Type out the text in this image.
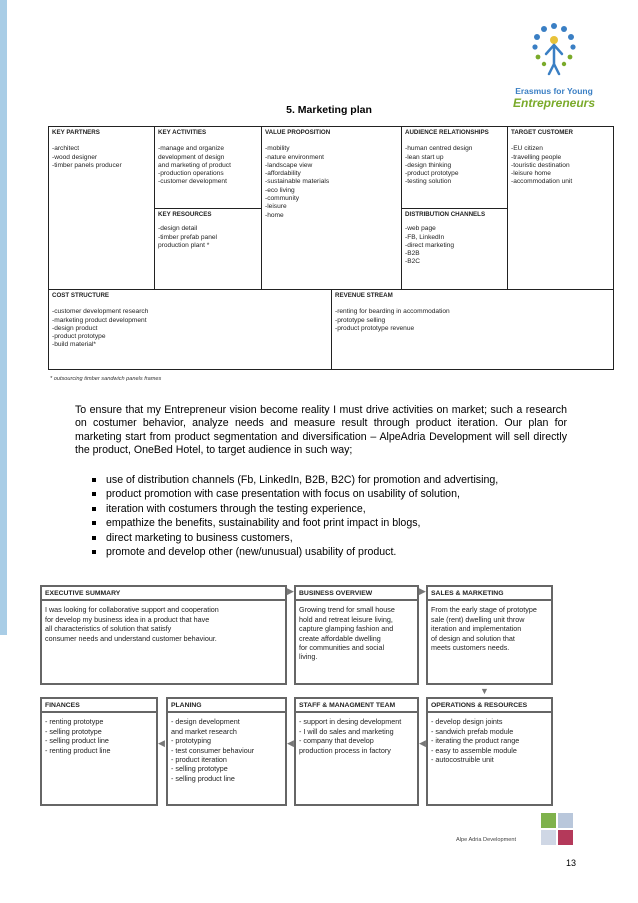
Erasmus for Young
Entrepreneurs
5. Marketing plan
KEY PARTNERS
-architect
-wood designer
-timber panels producer
KEY ACTIVITIES
-manage and organize
development of design
and marketing of product
-production operations
-customer development
KEY RESOURCES
-design detail
-timber prefab panel
production plant *
VALUE PROPOSITION
-mobility
-nature environment
-landscape view
-affordability
-sustainable materials
-eco living
-community
-leisure
-home
AUDIENCE RELATIONSHIPS
-human centred design
-lean start up
-design thinking
-product prototype
-testing solution
DISTRIBUTION CHANNELS
-web page
-FB, LinkedIn
-direct marketing
-B2B
-B2C
TARGET CUSTOMER
-EU citizen
-travelling people
-touristic destination
-leisure home
-accommodation unit
COST STRUCTURE
-customer development research
-marketing product development
-design product
-product prototype
-build material*
REVENUE STREAM
-renting for bearding in accommodation
-prototype selling
-product prototype revenue
* outsourcing timber sandwich panels frames

To ensure that my Entrepreneur vision become reality I must drive activities on market; such a research on costumer behavior, analyze needs and measure result through product iteration. Our plan for marketing start from product segmentation and diversification – AlpeAdria Development will sell directly the product, OneBed Hotel, to target audience in such way;

use of distribution channels (Fb, LinkedIn, B2B, B2C) for promotion and advertising,
product promotion with case presentation with focus on usability of solution,
iteration with costumers through the testing experience,
empathize the benefits, sustainability and foot print impact in blogs,
direct marketing to business customers,
promote and develop other (new/unusual) usability of product.
EXECUTIVE SUMMARY
I was looking for collaborative support and cooperation
for develop my business idea in a product that have
all characteristics of solution that satisfy
consumer needs and understand customer behaviour.
▶ BUSINESS OVERVIEW
Growing trend for small house
hold and retreat leisure living,
capture glamping fashion and
create affordable dwelling
for communities and social
living.
▶ SALES & MARKETING
From the early stage of prototype
sale (rent) dwelling unit throw
iteration and implementation
of design and solution that
meets customers needs.
▼
FINANCES
- renting prototype
- selling prototype
- selling product line
- renting product line
◀
PLANING
- design development
and market research
- prototyping
- test consumer behaviour
- product iteration
- selling prototype
- selling product line
◀
STAFF & MANAGMENT TEAM
- support in desing development
- I will do sales and marketing
- company that develop
production process in factory
◀
OPERATIONS & RESOURCES
- develop design joints
- sandwich prefab module
- iterating the product range
- easy to assemble module
- autocostruible unit
Alpe Adria Development
13
